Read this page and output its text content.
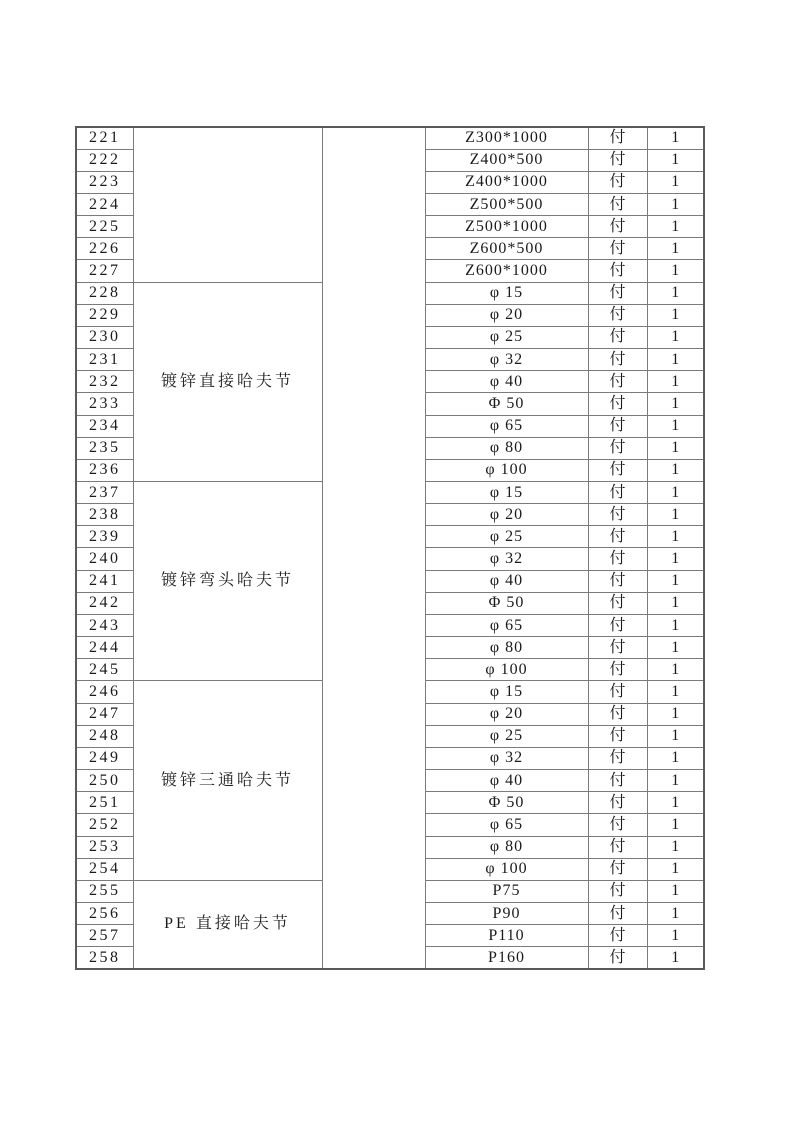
221			Z300*1000	付	1
222			Z400*500	付	1
223			Z400*1000	付	1
224			Z500*500	付	1
225			Z500*1000	付	1
226			Z600*500	付	1
227			Z600*1000	付	1
228	镀锌直接哈夫节		φ 15	付	1
229			φ 20	付	1
230			φ 25	付	1
231			φ 32	付	1
232			φ 40	付	1
233			Φ 50	付	1
234			φ 65	付	1
235			φ 80	付	1
236			φ 100	付	1
237	镀锌弯头哈夫节		φ 15	付	1
238			φ 20	付	1
239			φ 25	付	1
240			φ 32	付	1
241			φ 40	付	1
242			Φ 50	付	1
243			φ 65	付	1
244			φ 80	付	1
245			φ 100	付	1
246	镀锌三通哈夫节		φ 15	付	1
247			φ 20	付	1
248			φ 25	付	1
249			φ 32	付	1
250			φ 40	付	1
251			Φ 50	付	1
252			φ 65	付	1
253			φ 80	付	1
254			φ 100	付	1
255	PE 直接哈夫节		P75	付	1
256			P90	付	1
257			P110	付	1
258			P160	付	1
